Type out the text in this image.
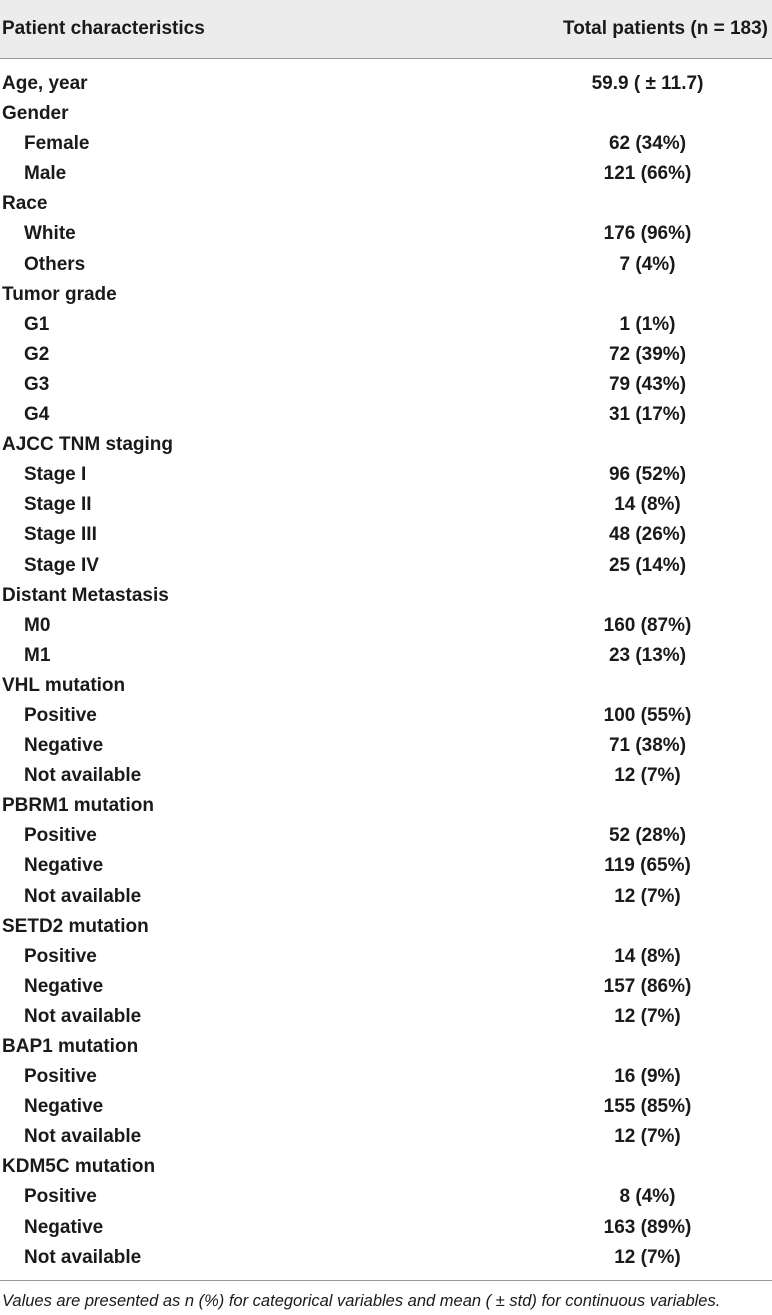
Patient characteristics	Total patients (n = 183)
Age, year	59.9 ( ± 11.7)
Gender
Female	62 (34%)
Male	121 (66%)
Race
White	176 (96%)
Others	7 (4%)
Tumor grade
G1	1 (1%)
G2	72 (39%)
G3	79 (43%)
G4	31 (17%)
AJCC TNM staging
Stage I	96 (52%)
Stage II	14 (8%)
Stage III	48 (26%)
Stage IV	25 (14%)
Distant Metastasis
M0	160 (87%)
M1	23 (13%)
VHL mutation
Positive	100 (55%)
Negative	71 (38%)
Not available	12 (7%)
PBRM1 mutation
Positive	52 (28%)
Negative	119 (65%)
Not available	12 (7%)
SETD2 mutation
Positive	14 (8%)
Negative	157 (86%)
Not available	12 (7%)
BAP1 mutation
Positive	16 (9%)
Negative	155 (85%)
Not available	12 (7%)
KDM5C mutation
Positive	8 (4%)
Negative	163 (89%)
Not available	12 (7%)
Values are presented as n (%) for categorical variables and mean ( ± std) for continuous variables.
